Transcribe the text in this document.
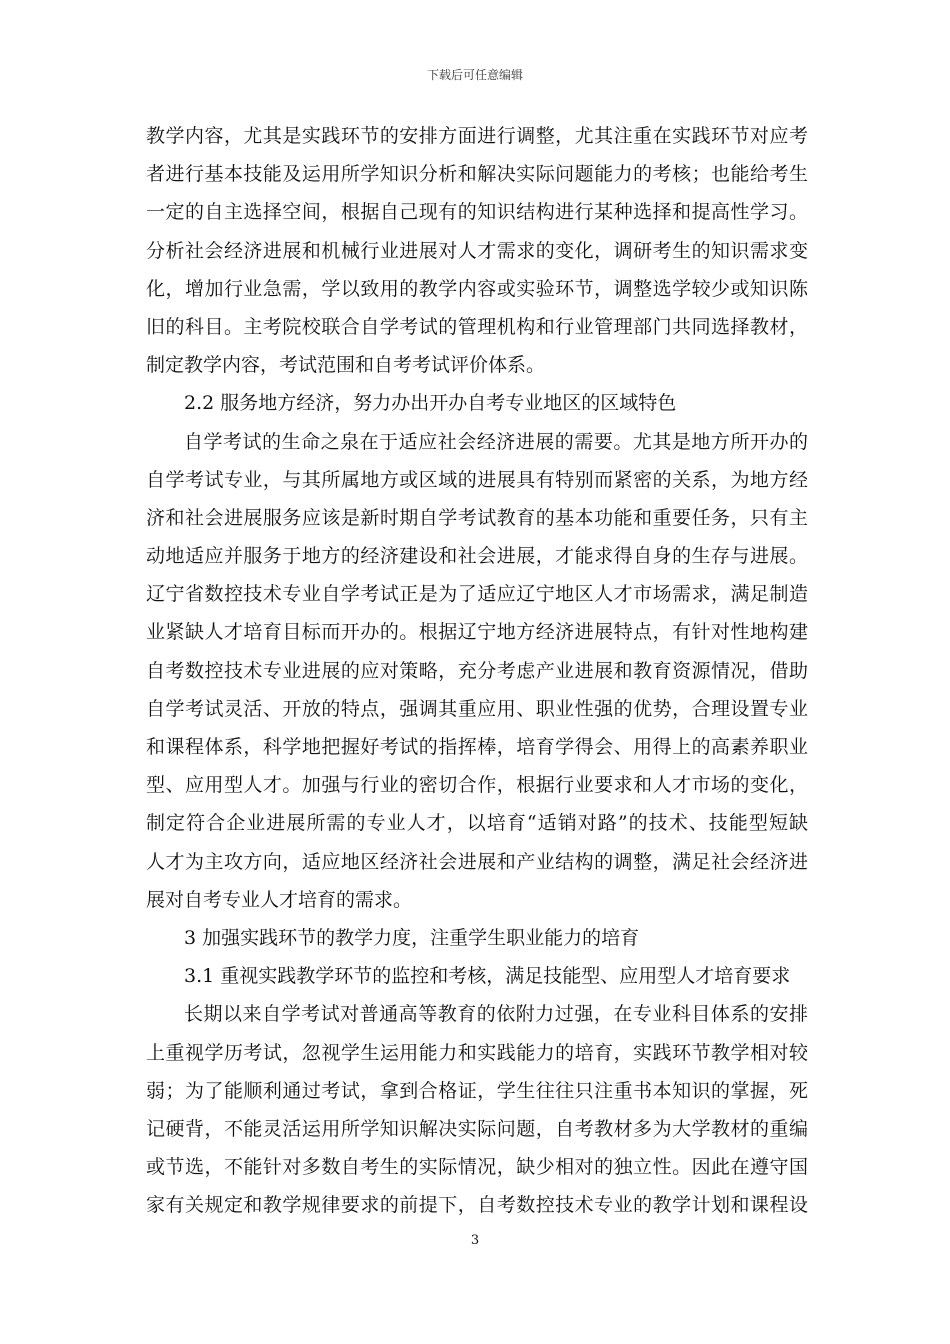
下载后可任意编辑
教学内容，尤其是实践环节的安排方面进行调整，尤其注重在实践环节对应考
者进行基本技能及运用所学知识分析和解决实际问题能力的考核；也能给考生
一定的自主选择空间，根据自己现有的知识结构进行某种选择和提高性学习。
分析社会经济进展和机械行业进展对人才需求的变化，调研考生的知识需求变
化，增加行业急需，学以致用的教学内容或实验环节，调整选学较少或知识陈
旧的科目。主考院校联合自学考试的管理机构和行业管理部门共同选择教材，
制定教学内容，考试范围和自考考试评价体系。
2.2 服务地方经济，努力办出开办自考专业地区的区域特色
自学考试的生命之泉在于适应社会经济进展的需要。尤其是地方所开办的
自学考试专业，与其所属地方或区域的进展具有特别而紧密的关系，为地方经
济和社会进展服务应该是新时期自学考试教育的基本功能和重要任务，只有主
动地适应并服务于地方的经济建设和社会进展，才能求得自身的生存与进展。
辽宁省数控技术专业自学考试正是为了适应辽宁地区人才市场需求，满足制造
业紧缺人才培育目标而开办的。根据辽宁地方经济进展特点，有针对性地构建
自考数控技术专业进展的应对策略，充分考虑产业进展和教育资源情况，借助
自学考试灵活、开放的特点，强调其重应用、职业性强的优势，合理设置专业
和课程体系，科学地把握好考试的指挥棒，培育学得会、用得上的高素养职业
型、应用型人才。加强与行业的密切合作，根据行业要求和人才市场的变化，
制定符合企业进展所需的专业人才，以培育“适销对路”的技术、技能型短缺
人才为主攻方向，适应地区经济社会进展和产业结构的调整，满足社会经济进
展对自考专业人才培育的需求。
3 加强实践环节的教学力度，注重学生职业能力的培育
3.1 重视实践教学环节的监控和考核，满足技能型、应用型人才培育要求
长期以来自学考试对普通高等教育的依附力过强，在专业科目体系的安排
上重视学历考试，忽视学生运用能力和实践能力的培育，实践环节教学相对较
弱；为了能顺利通过考试，拿到合格证，学生往往只注重书本知识的掌握，死
记硬背，不能灵活运用所学知识解决实际问题，自考教材多为大学教材的重编
或节选，不能针对多数自考生的实际情况，缺少相对的独立性。因此在遵守国
家有关规定和教学规律要求的前提下，自考数控技术专业的教学计划和课程设
3
